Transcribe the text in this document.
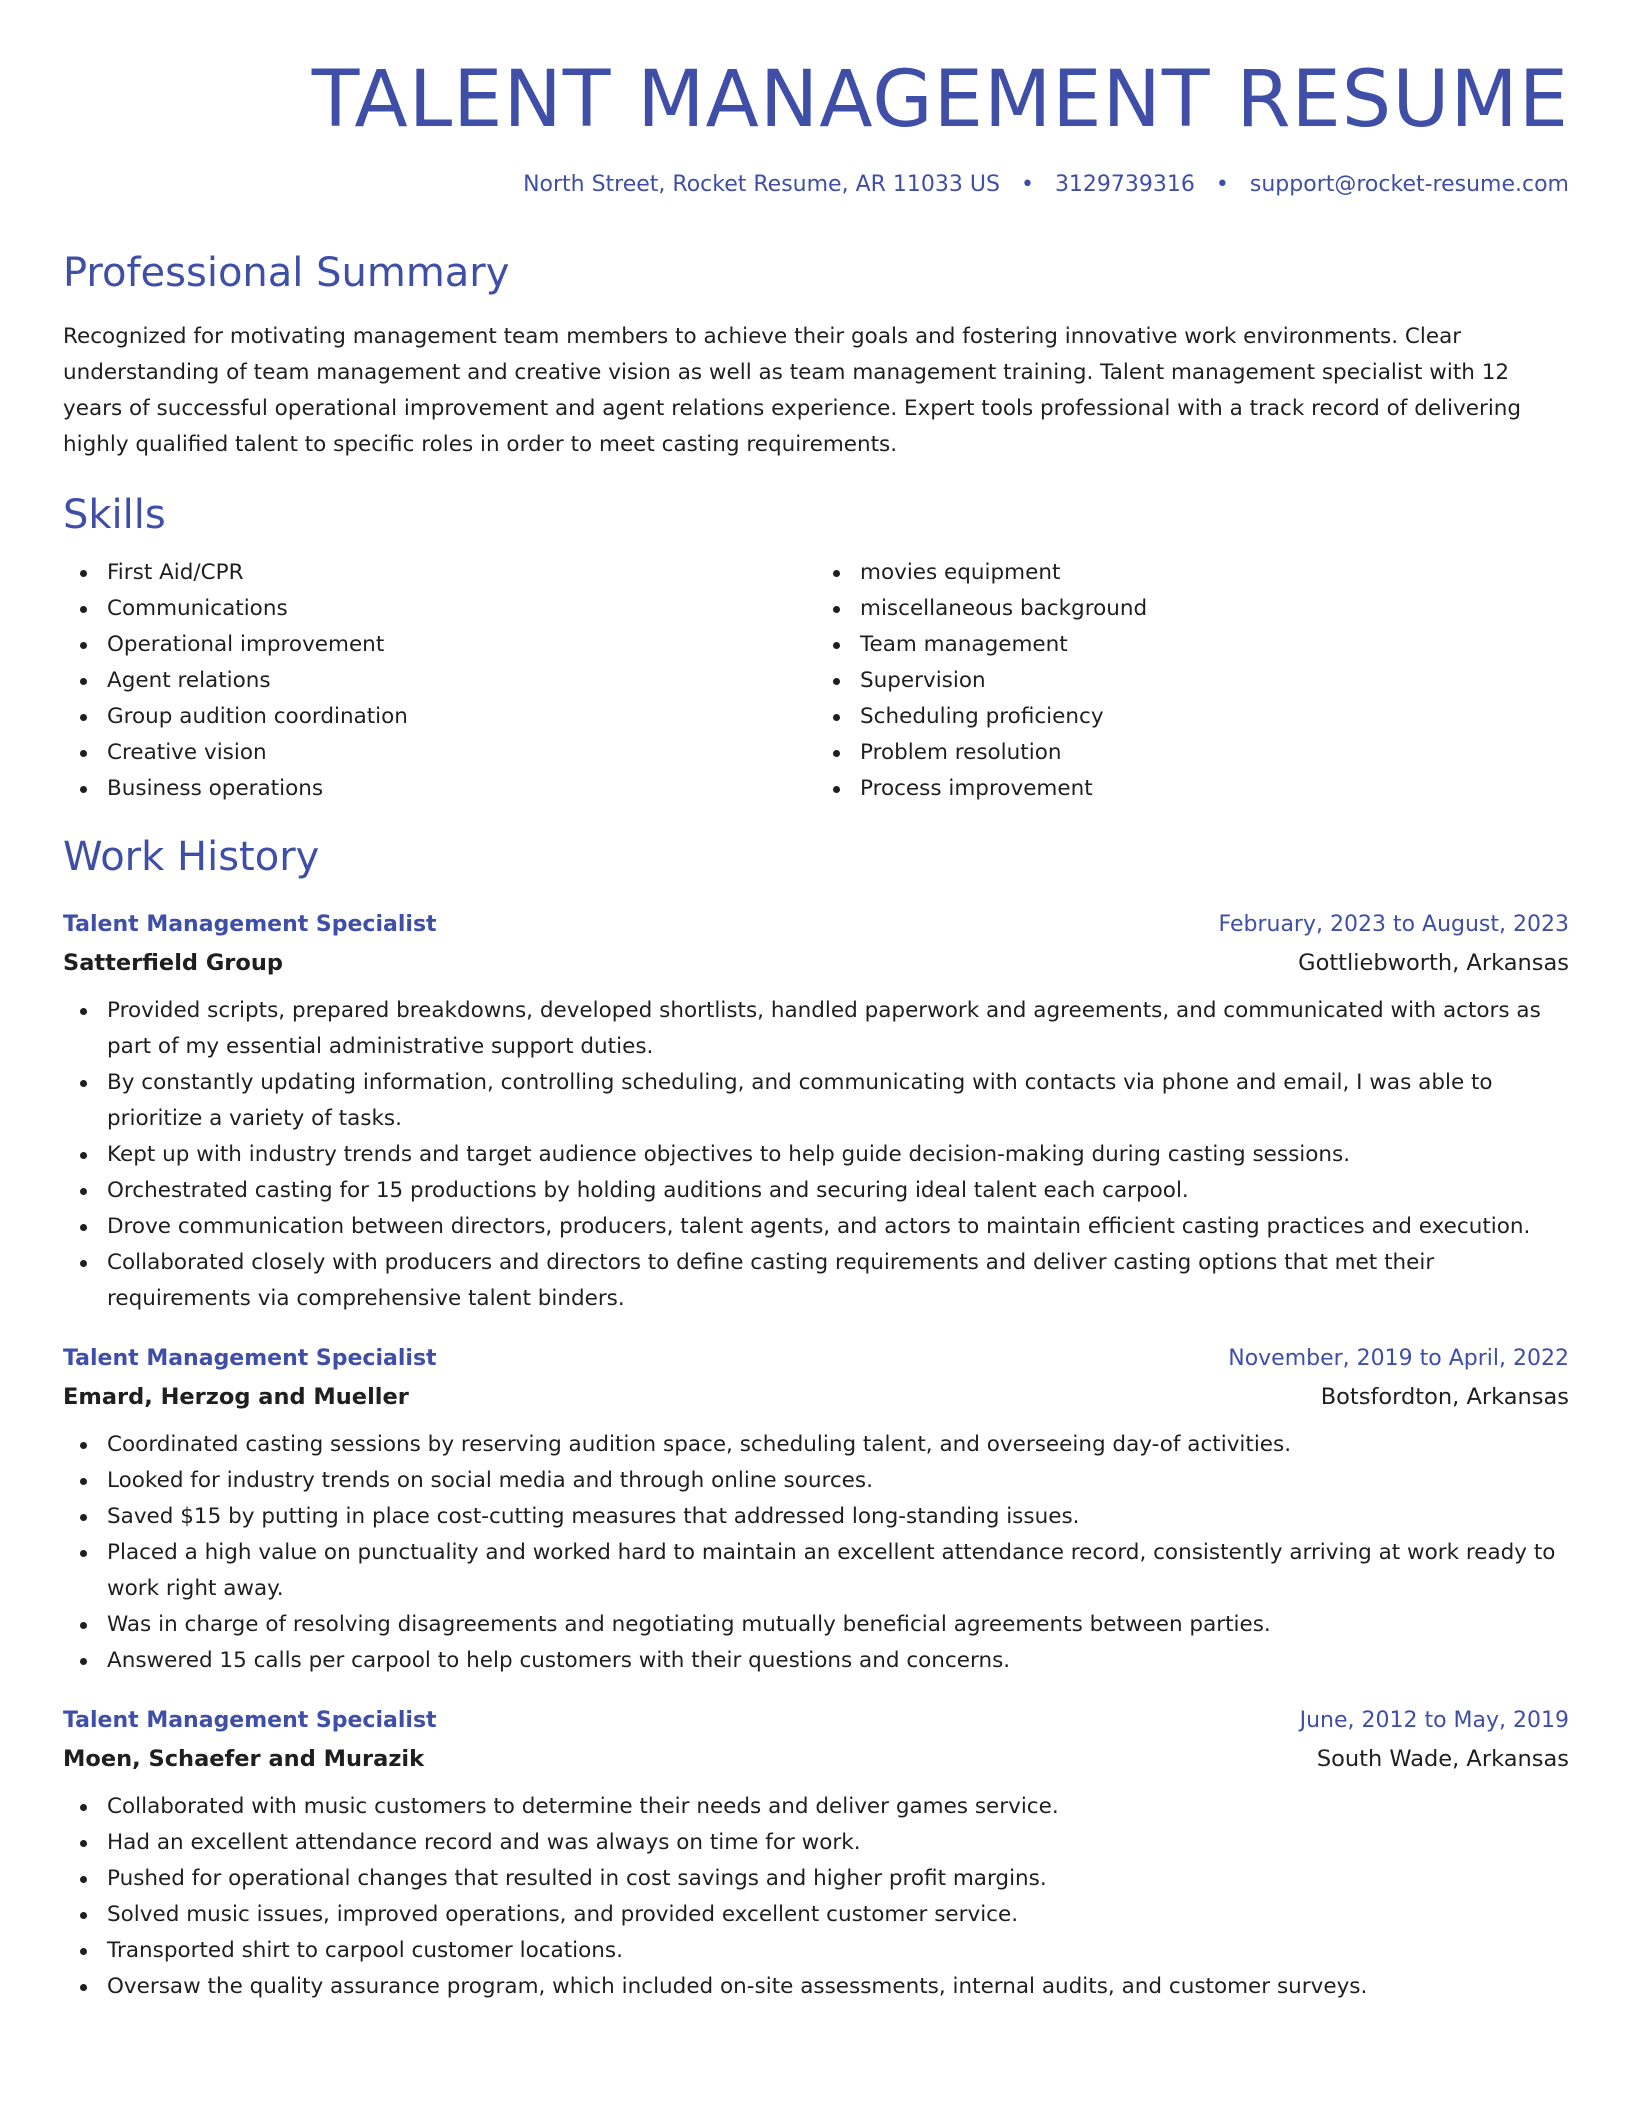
TALENT MANAGEMENT RESUME
North Street, Rocket Resume, AR 11033 US • 3129739316 • support@rocket-resume.com
Professional Summary

Recognized for motivating management team members to achieve their goals and fostering innovative work environments. Clear understanding of team management and creative vision as well as team management training. Talent management specialist with 12 years of successful operational improvement and agent relations experience. Expert tools professional with a track record of delivering highly qualified talent to specific roles in order to meet casting requirements.

Skills
First Aid/CPR
Communications
Operational improvement
Agent relations
Group audition coordination
Creative vision
Business operations
movies equipment
miscellaneous background
Team management
Supervision
Scheduling proficiency
Problem resolution
Process improvement
Work History
Talent Management Specialist	February, 2023 to August, 2023
Satterfield Group	Gottliebworth, Arkansas
Provided scripts, prepared breakdowns, developed shortlists, handled paperwork and agreements, and communicated with actors as part of my essential administrative support duties.
By constantly updating information, controlling scheduling, and communicating with contacts via phone and email, I was able to prioritize a variety of tasks.
Kept up with industry trends and target audience objectives to help guide decision-making during casting sessions.
Orchestrated casting for 15 productions by holding auditions and securing ideal talent each carpool.
Drove communication between directors, producers, talent agents, and actors to maintain efficient casting practices and execution.
Collaborated closely with producers and directors to define casting requirements and deliver casting options that met their requirements via comprehensive talent binders.
Talent Management Specialist	November, 2019 to April, 2022
Emard, Herzog and Mueller	Botsfordton, Arkansas
Coordinated casting sessions by reserving audition space, scheduling talent, and overseeing day-of activities.
Looked for industry trends on social media and through online sources.
Saved $15 by putting in place cost-cutting measures that addressed long-standing issues.
Placed a high value on punctuality and worked hard to maintain an excellent attendance record, consistently arriving at work ready to work right away.
Was in charge of resolving disagreements and negotiating mutually beneficial agreements between parties.
Answered 15 calls per carpool to help customers with their questions and concerns.
Talent Management Specialist	June, 2012 to May, 2019
Moen, Schaefer and Murazik	South Wade, Arkansas
Collaborated with music customers to determine their needs and deliver games service.
Had an excellent attendance record and was always on time for work.
Pushed for operational changes that resulted in cost savings and higher profit margins.
Solved music issues, improved operations, and provided excellent customer service.
Transported shirt to carpool customer locations.
Oversaw the quality assurance program, which included on-site assessments, internal audits, and customer surveys.
